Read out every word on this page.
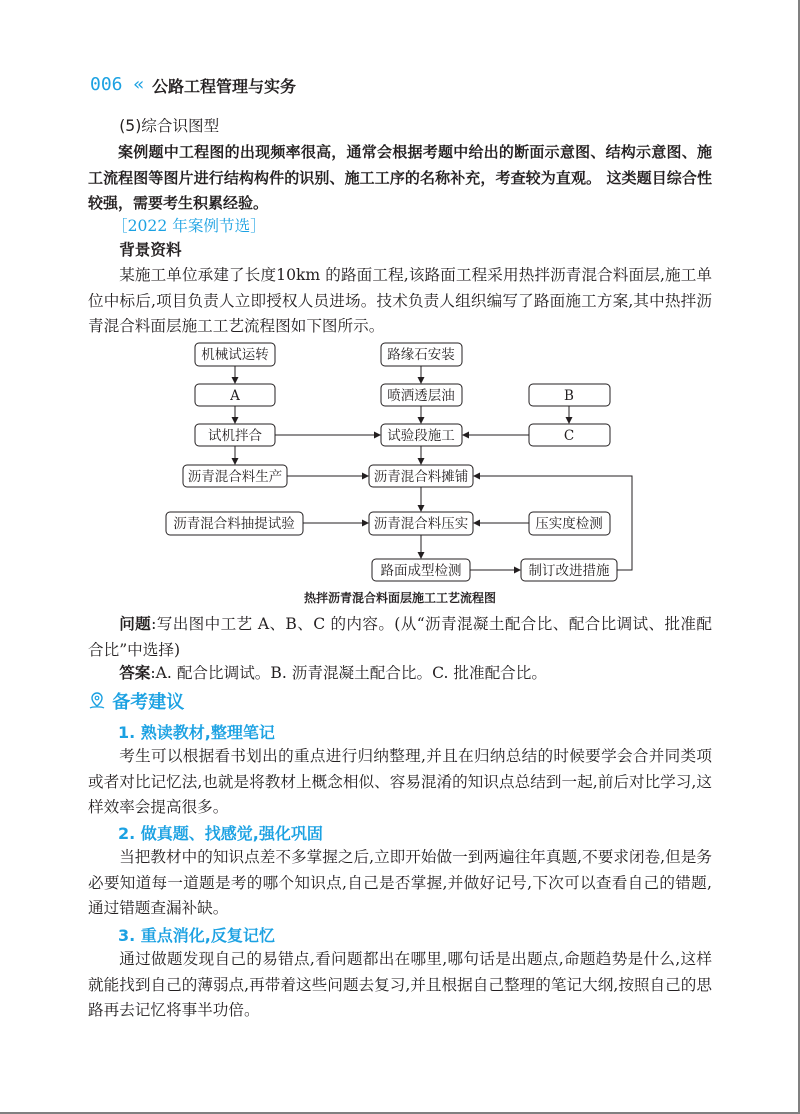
006 « 公路工程管理与实务
(5)综合识图型
案例题中工程图的出现频率很高，通常会根据考题中给出的断面示意图、结构示意图、施工流程图等图片进行结构构件的识别、施工工序的名称补充，考查较为直观。 这类题目综合性较强，需要考生积累经验。
［2022 年案例节选］
背景资料
某施工单位承建了长度10km 的路面工程,该路面工程采用热拌沥青混合料面层,施工单位中标后,项目负责人立即授权人员进场。技术负责人组织编写了路面施工方案,其中热拌沥青混合料面层施工工艺流程图如下图所示。
机械试运转
A
试机拌合
沥青混合料生产
沥青混合料抽提试验
路缘石安装
喷洒透层油
试验段施工
沥青混合料摊铺
沥青混合料压实
路面成型检测
B
C
压实度检测
制订改进措施
热拌沥青混合料面层施工工艺流程图
问题:写出图中工艺 A、B、C 的内容。(从“沥青混凝土配合比、配合比调试、批准配合比”中选择)
答案:A. 配合比调试。B. 沥青混凝土配合比。C. 批准配合比。
备考建议
1. 熟读教材,整理笔记
考生可以根据看书划出的重点进行归纳整理,并且在归纳总结的时候要学会合并同类项或者对比记忆法,也就是将教材上概念相似、容易混淆的知识点总结到一起,前后对比学习,这样效率会提高很多。
2. 做真题、找感觉,强化巩固
当把教材中的知识点差不多掌握之后,立即开始做一到两遍往年真题,不要求闭卷,但是务必要知道每一道题是考的哪个知识点,自己是否掌握,并做好记号,下次可以查看自己的错题,通过错题查漏补缺。
3. 重点消化,反复记忆
通过做题发现自己的易错点,看问题都出在哪里,哪句话是出题点,命题趋势是什么,这样就能找到自己的薄弱点,再带着这些问题去复习,并且根据自己整理的笔记大纲,按照自己的思路再去记忆将事半功倍。
